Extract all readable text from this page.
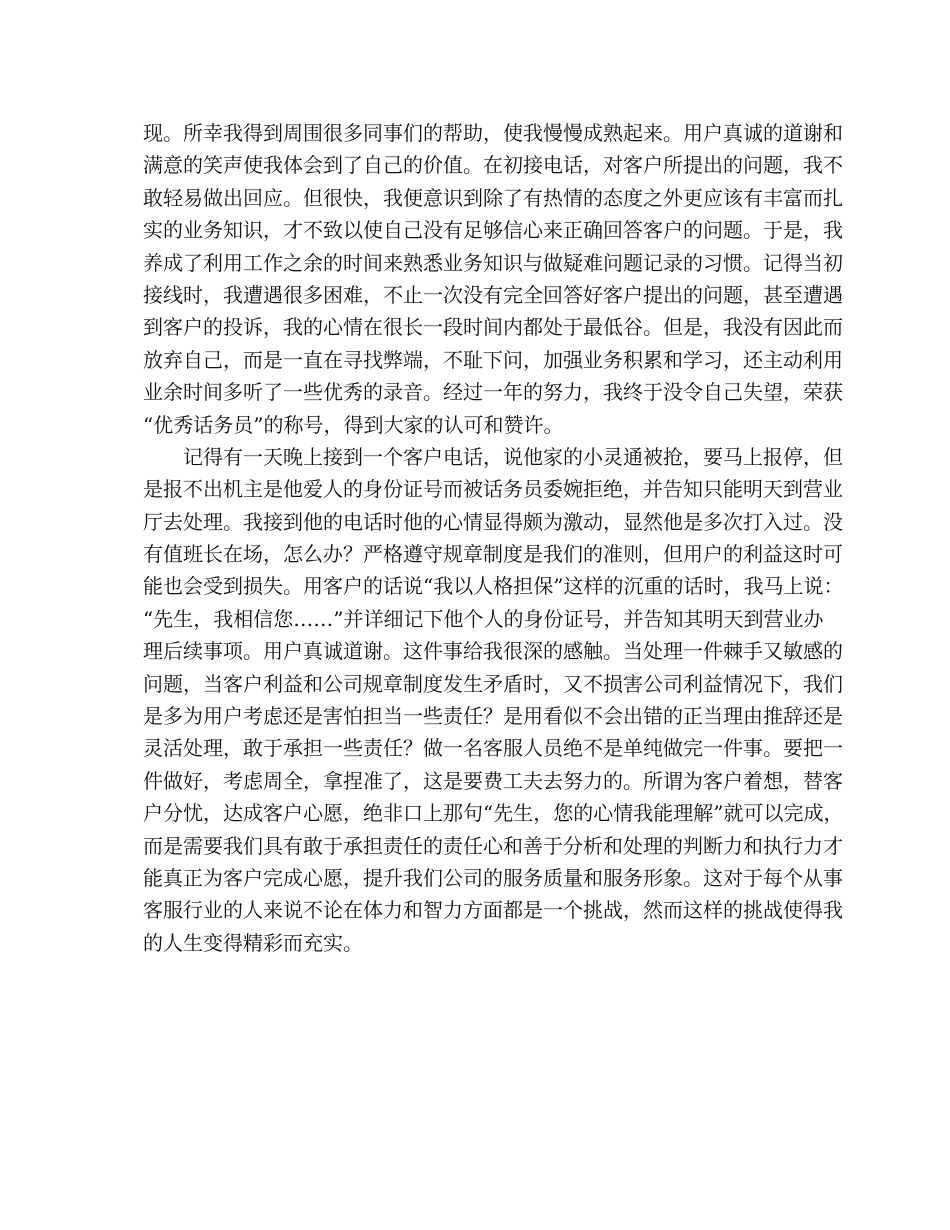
现。所幸我得到周围很多同事们的帮助，使我慢慢成熟起来。用户真诚的道谢和
满意的笑声使我体会到了自己的价值。在初接电话，对客户所提出的问题，我不
敢轻易做出回应。但很快，我便意识到除了有热情的态度之外更应该有丰富而扎
实的业务知识，才不致以使自己没有足够信心来正确回答客户的问题。于是，我
养成了利用工作之余的时间来熟悉业务知识与做疑难问题记录的习惯。记得当初
接线时，我遭遇很多困难，不止一次没有完全回答好客户提出的问题，甚至遭遇
到客户的投诉，我的心情在很长一段时间内都处于最低谷。但是，我没有因此而
放弃自己，而是一直在寻找弊端，不耻下问，加强业务积累和学习，还主动利用
业余时间多听了一些优秀的录音。经过一年的努力，我终于没令自己失望，荣获
“优秀话务员”的称号，得到大家的认可和赞许。
记得有一天晚上接到一个客户电话，说他家的小灵通被抢，要马上报停，但
是报不出机主是他爱人的身份证号而被话务员委婉拒绝，并告知只能明天到营业
厅去处理。我接到他的电话时他的心情显得颇为激动，显然他是多次打入过。没
有值班长在场，怎么办？严格遵守规章制度是我们的准则，但用户的利益这时可
能也会受到损失。用客户的话说“我以人格担保”这样的沉重的话时，我马上说：
“先生，我相信您……”并详细记下他个人的身份证号，并告知其明天到营业办
理后续事项。用户真诚道谢。这件事给我很深的感触。当处理一件棘手又敏感的
问题，当客户利益和公司规章制度发生矛盾时，又不损害公司利益情况下，我们
是多为用户考虑还是害怕担当一些责任？是用看似不会出错的正当理由推辞还是
灵活处理，敢于承担一些责任？做一名客服人员绝不是单纯做完一件事。要把一
件做好，考虑周全，拿捏准了，这是要费工夫去努力的。所谓为客户着想，替客
户分忧，达成客户心愿，绝非口上那句“先生，您的心情我能理解”就可以完成，
而是需要我们具有敢于承担责任的责任心和善于分析和处理的判断力和执行力才
能真正为客户完成心愿，提升我们公司的服务质量和服务形象。这对于每个从事
客服行业的人来说不论在体力和智力方面都是一个挑战，然而这样的挑战使得我
的人生变得精彩而充实。
